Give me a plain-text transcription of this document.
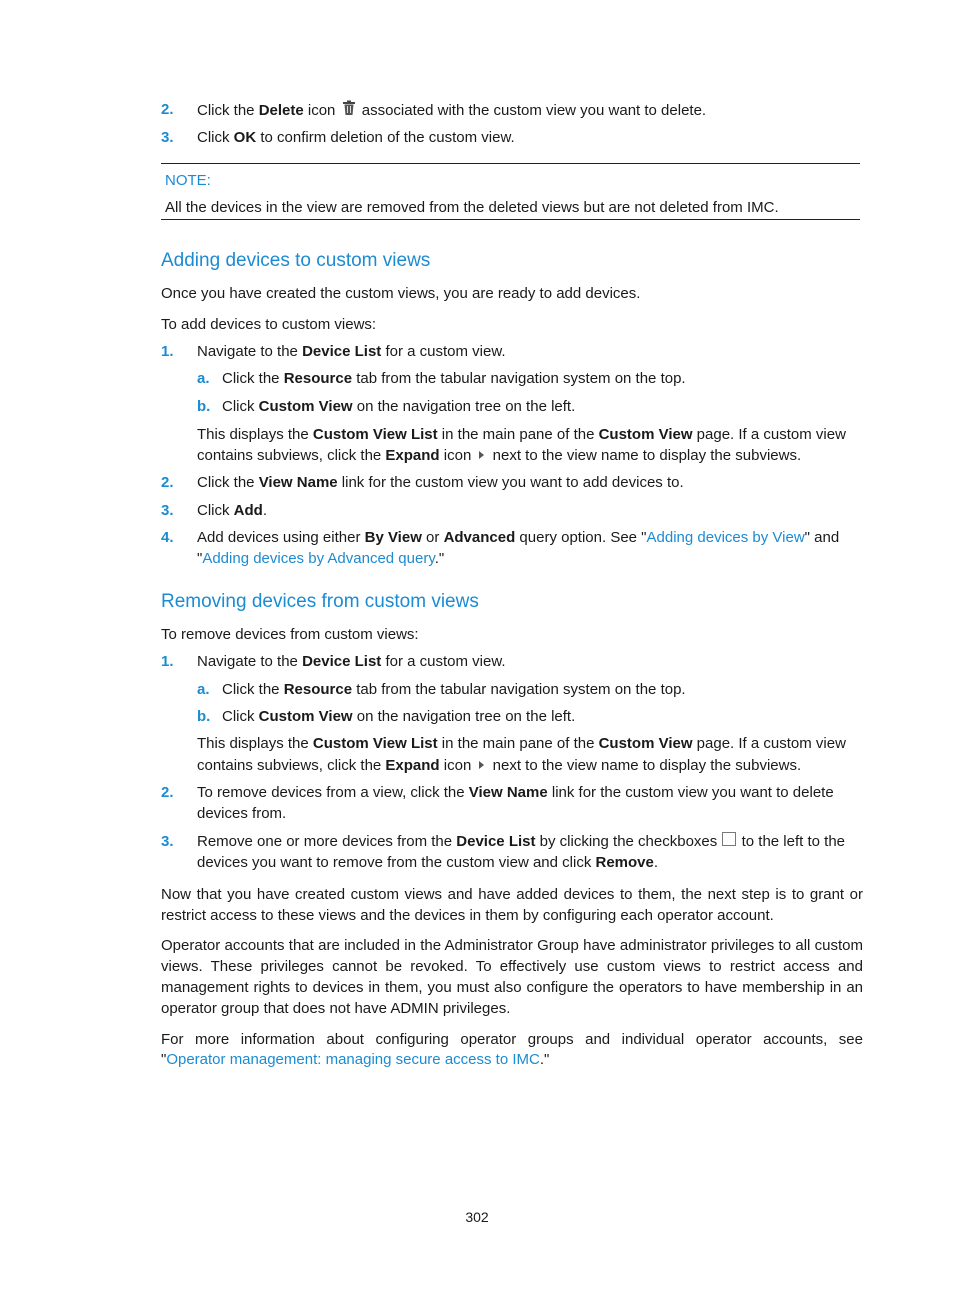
2. Click the Delete icon  associated with the custom view you want to delete.
3. Click OK to confirm deletion of the custom view.
NOTE:
All the devices in the view are removed from the deleted views but are not deleted from IMC.
Adding devices to custom views
Once you have created the custom views, you are ready to add devices.
To add devices to custom views:
1. Navigate to the Device List for a custom view.
a. Click the Resource tab from the tabular navigation system on the top.
b. Click Custom View on the navigation tree on the left.
This displays the Custom View List in the main pane of the Custom View page. If a custom view
contains subviews, click the Expand icon  next to the view name to display the subviews.
2. Click the View Name link for the custom view you want to add devices to.
3. Click Add.
4. Add devices using either By View or Advanced query option. See "Adding devices by View" and
"Adding devices by Advanced query."
Removing devices from custom views
To remove devices from custom views:
1. Navigate to the Device List for a custom view.
a. Click the Resource tab from the tabular navigation system on the top.
b. Click Custom View on the navigation tree on the left.
This displays the Custom View List in the main pane of the Custom View page. If a custom view
contains subviews, click the Expand icon  next to the view name to display the subviews.
2. To remove devices from a view, click the View Name link for the custom view you want to delete
devices from.
3. Remove one or more devices from the Device List by clicking the checkboxes  to the left to the
devices you want to remove from the custom view and click Remove.
Now that you have created custom views and have added devices to them, the next step is to grant or restrict access to these views and the devices in them by configuring each operator account.
Operator accounts that are included in the Administrator Group have administrator privileges to all custom views. These privileges cannot be revoked. To effectively use custom views to restrict access and management rights to devices in them, you must also configure the operators to have membership in an operator group that does not have ADMIN privileges.
For more information about configuring operator groups and individual operator accounts, see
"Operator management: managing secure access to IMC."
302
